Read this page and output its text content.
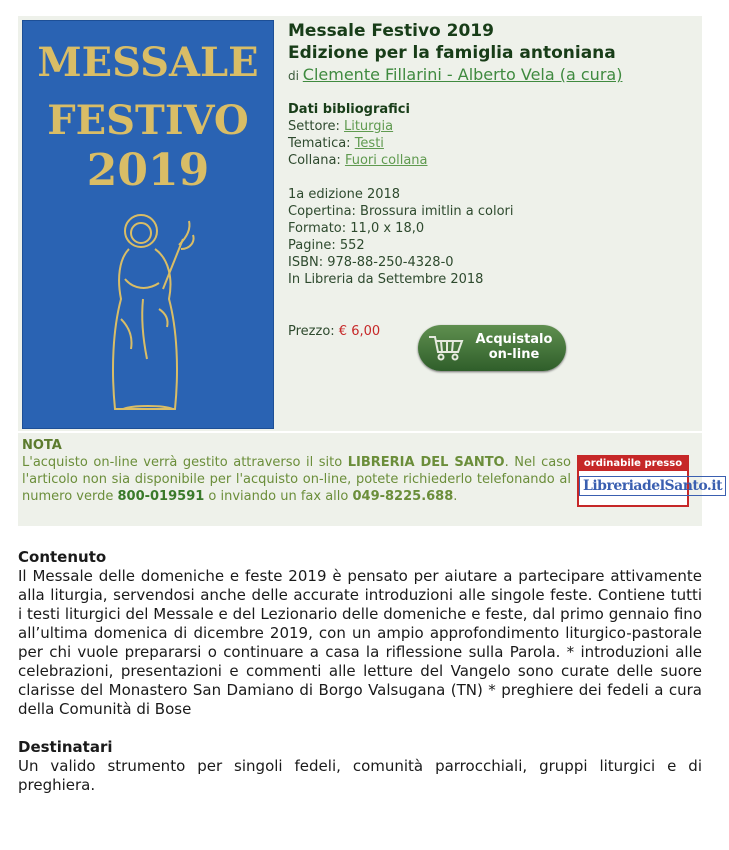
MESSALE
FESTIVO
2019
Messale Festivo 2019
Edizione per la famiglia antoniana
di Clemente Fillarini - Alberto Vela (a cura)
Dati bibliografici
Settore: Liturgia
Tematica: Testi
Collana: Fuori collana
1a edizione 2018
Copertina: Brossura imitlin a colori
Formato: 11,0 x 18,0
Pagine: 552
ISBN: 978-88-250-4328-0
In Libreria da Settembre 2018
Prezzo: € 6,00
Acquistalo
on-line
NOTA
L'acquisto on-line verrà gestito attraverso il sito LIBRERIA DEL SANTO. Nel caso l'articolo non sia disponibile per l'acquisto on-line, potete richiederlo telefonando al numero verde 800-019591 o inviando un fax allo 049-8225.688.
ordinabile presso
LibreriadelSanto.it
Contenuto

Il Messale delle domeniche e feste 2019 è pensato per aiutare a partecipare attivamente alla liturgia, servendosi anche delle accurate introduzioni alle singole feste. Contiene tutti i testi liturgici del Messale e del Lezionario delle domeniche e feste, dal primo gennaio fino all’ultima domenica di dicembre 2019, con un ampio approfondimento liturgico-pastorale per chi vuole prepararsi o continuare a casa la riflessione sulla Parola. * introduzioni alle celebrazioni, presentazioni e commenti alle letture del Vangelo sono curate delle suore clarisse del Monastero San Damiano di Borgo Valsugana (TN) * preghiere dei fedeli a cura della Comunità di Bose

Destinatari

Un valido strumento per singoli fedeli, comunità parrocchiali, gruppi liturgici e di preghiera.
